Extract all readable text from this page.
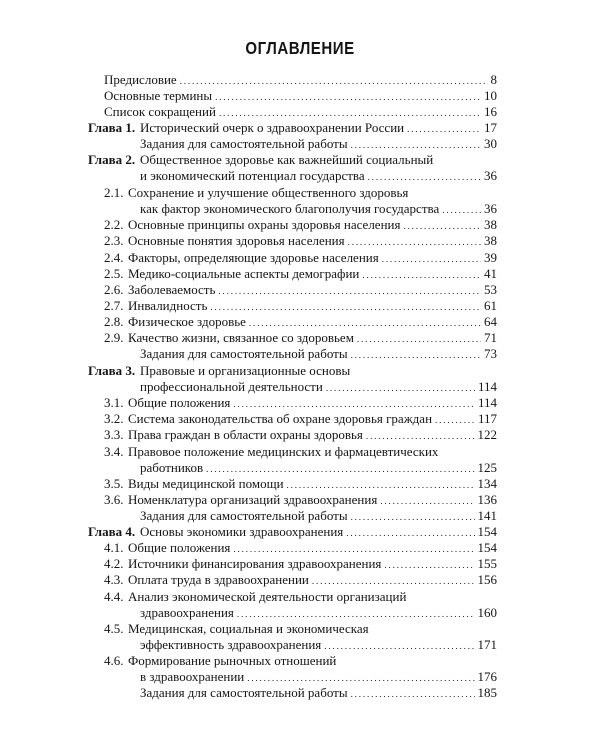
ОГЛАВЛЕНИЕ
Предисловие . . .	8
Основные термины . . .	10
Список сокращений . . .	16
Глава 1. Исторический очерк о здравоохранении России . . .	17
Задания для самостоятельной работы . . .	30
Глава 2. Общественное здоровье как важнейший социальный
и экономический потенциал государства . . .	36
2.1. Сохранение и улучшение общественного здоровья
как фактор экономического благополучия государства . . .	36
2.2. Основные принципы охраны здоровья населения . . .	38
2.3. Основные понятия здоровья населения . . .	38
2.4. Факторы, определяющие здоровье населения . . .	39
2.5. Медико-социальные аспекты демографии . . .	41
2.6. Заболеваемость . . .	53
2.7. Инвалидность . . .	61
2.8. Физическое здоровье . . .	64
2.9. Качество жизни, связанное со здоровьем . . .	71
Задания для самостоятельной работы . . .	73
Глава 3. Правовые и организационные основы
профессиональной деятельности . . .	114
3.1. Общие положения . . .	114
3.2. Система законодательства об охране здоровья граждан . . .	117
3.3. Права граждан в области охраны здоровья . . .	122
3.4. Правовое положение медицинских и фармацевтических
работников . . .	125
3.5. Виды медицинской помощи . . .	134
3.6. Номенклатура организаций здравоохранения . . .	136
Задания для самостоятельной работы . . .	141
Глава 4. Основы экономики здравоохранения . . .	154
4.1. Общие положения . . .	154
4.2. Источники финансирования здравоохранения . . .	155
4.3. Оплата труда в здравоохранении . . .	156
4.4. Анализ экономической деятельности организаций
здравоохранения . . .	160
4.5. Медицинская, социальная и экономическая
эффективность здравоохранения . . .	171
4.6. Формирование рыночных отношений
в здравоохранении . . .	176
Задания для самостоятельной работы . . .	185
